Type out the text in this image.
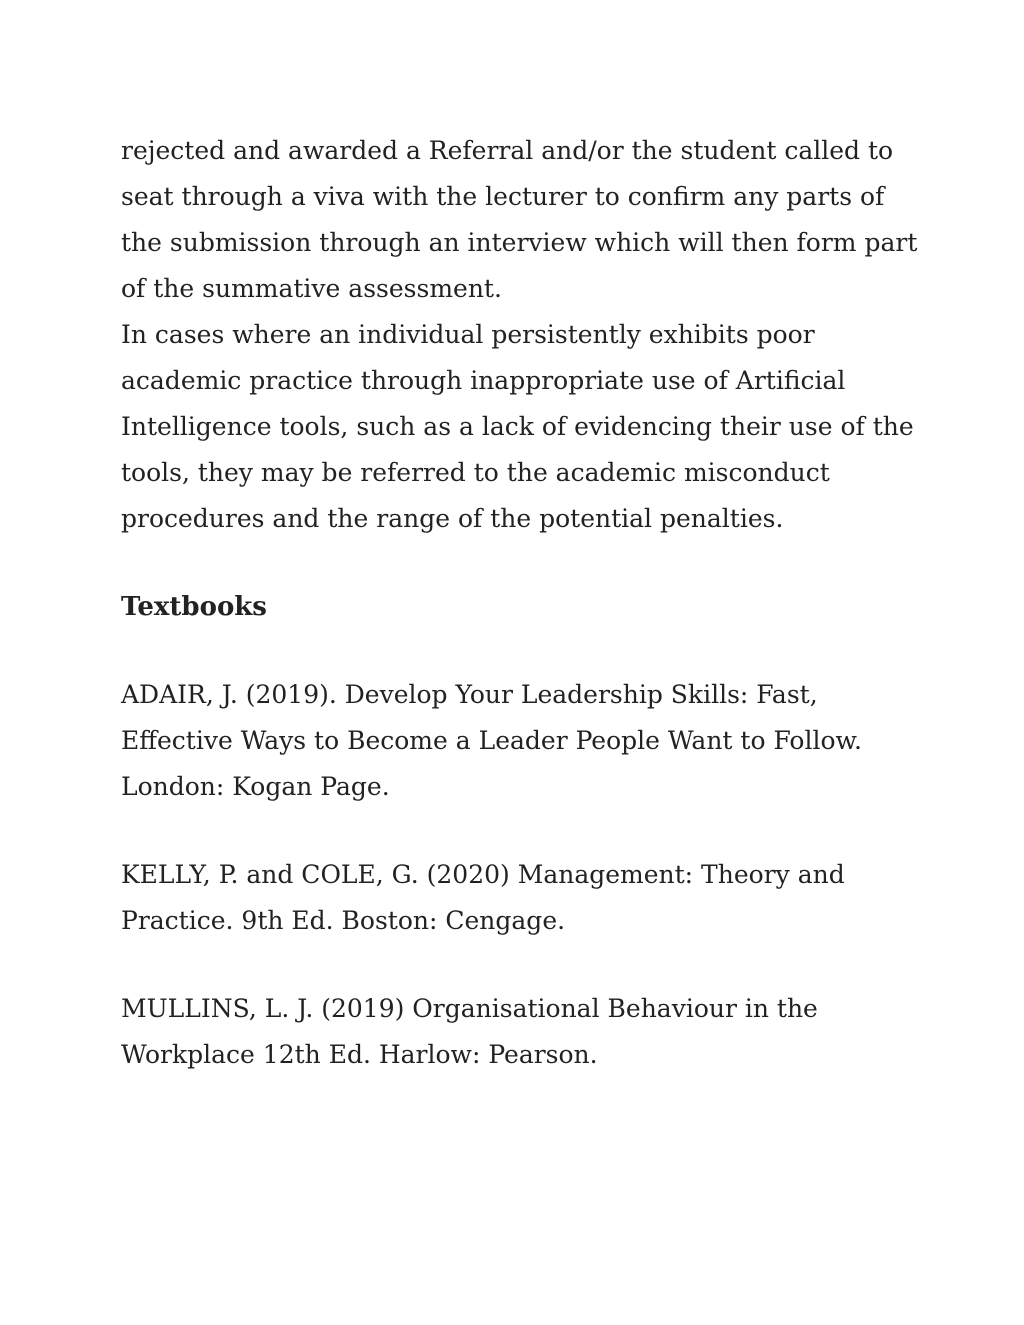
rejected and awarded a Referral and/or the student called to
seat through a viva with the lecturer to confirm any parts of
the submission through an interview which will then form part
of the summative assessment.
In cases where an individual persistently exhibits poor
academic practice through inappropriate use of Artificial
Intelligence tools, such as a lack of evidencing their use of the
tools, they may be referred to the academic misconduct
procedures and the range of the potential penalties.

Textbooks

ADAIR, J. (2019). Develop Your Leadership Skills: Fast,
Effective Ways to Become a Leader People Want to Follow.
London: Kogan Page.

KELLY, P. and COLE, G. (2020) Management: Theory and
Practice. 9th Ed. Boston: Cengage.

MULLINS, L. J. (2019) Organisational Behaviour in the
Workplace 12th Ed. Harlow: Pearson.
